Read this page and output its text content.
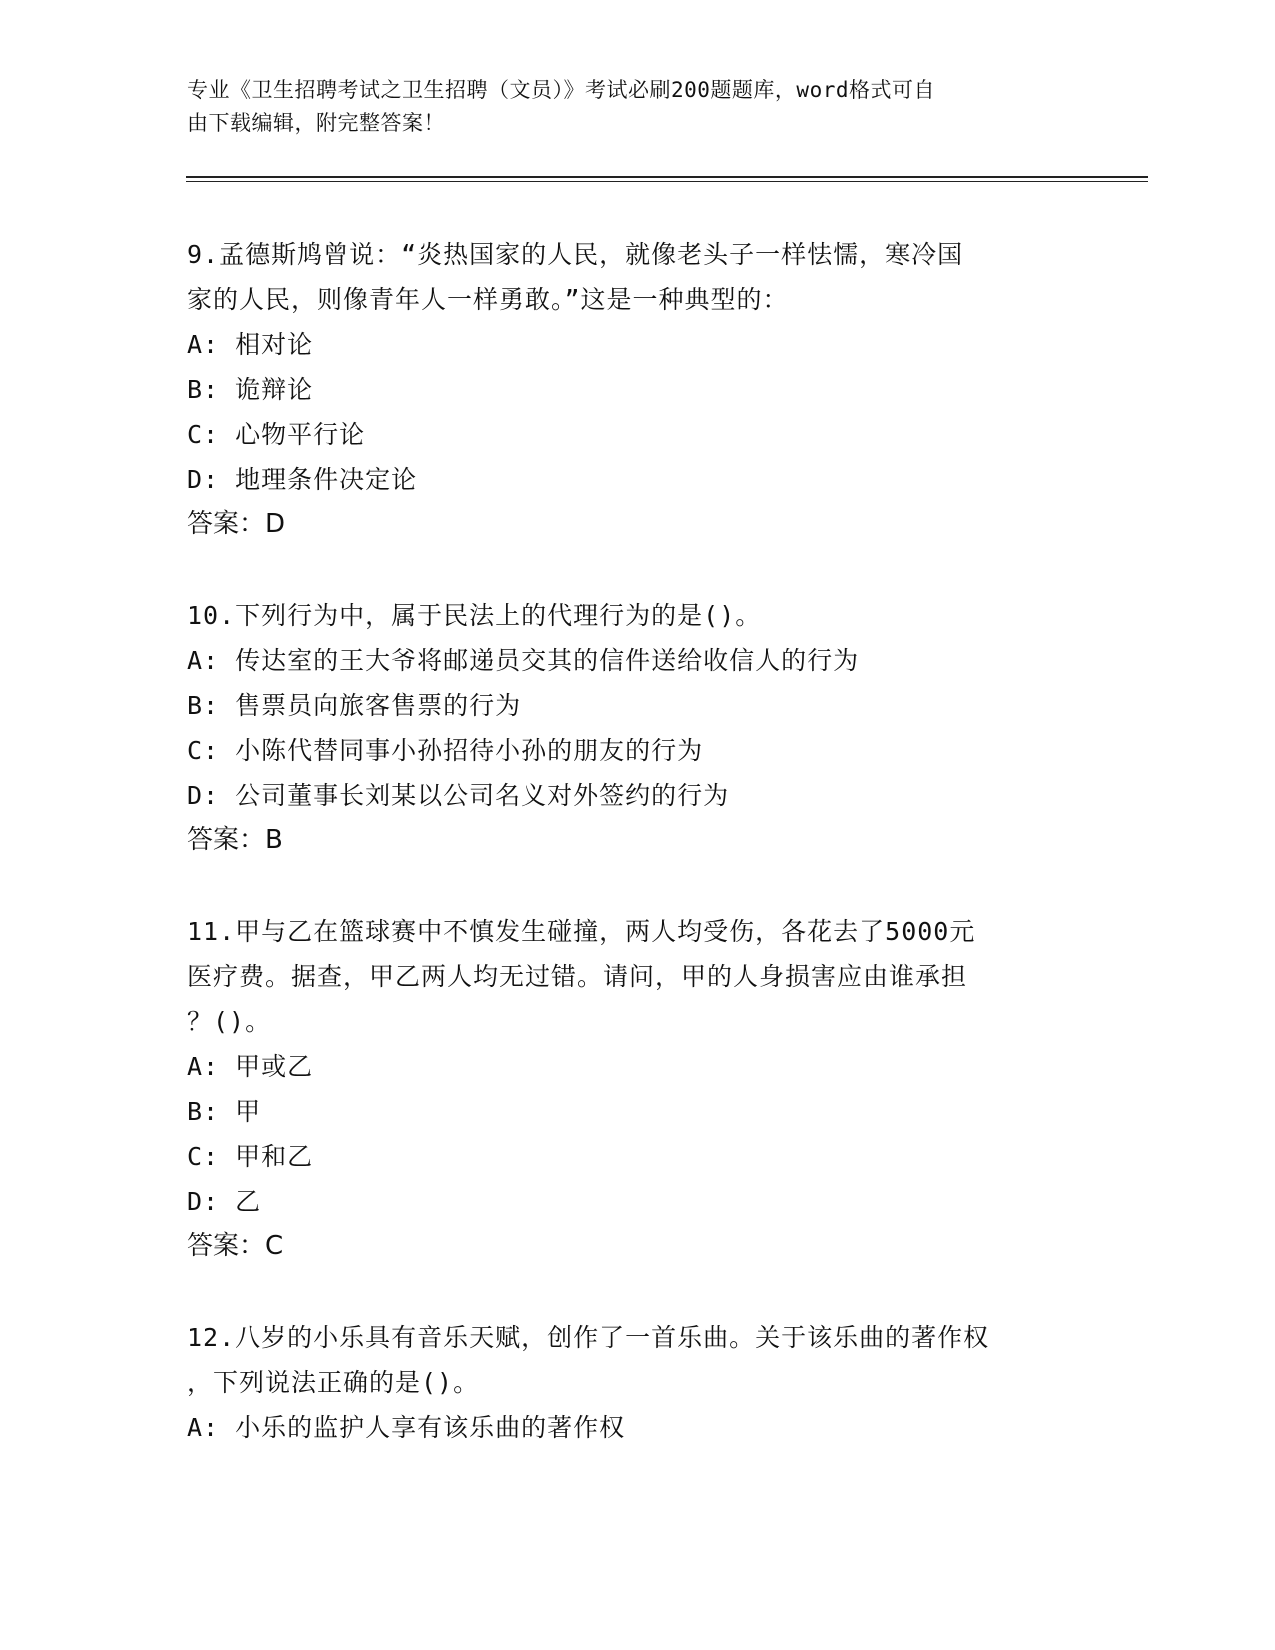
专业《卫生招聘考试之卫生招聘（文员）》考试必刷200题题库，word格式可自
由下载编辑，附完整答案！
9.孟德斯鸠曾说：“炎热国家的人民，就像老头子一样怯懦，寒冷国
家的人民，则像青年人一样勇敢。”这是一种典型的：
A: 相对论
B: 诡辩论
C: 心物平行论
D: 地理条件决定论
答案：D
10.下列行为中，属于民法上的代理行为的是()。
A: 传达室的王大爷将邮递员交其的信件送给收信人的行为
B: 售票员向旅客售票的行为
C: 小陈代替同事小孙招待小孙的朋友的行为
D: 公司董事长刘某以公司名义对外签约的行为
答案：B
11.甲与乙在篮球赛中不慎发生碰撞，两人均受伤，各花去了5000元
医疗费。据查，甲乙两人均无过错。请问，甲的人身损害应由谁承担
？()。
A: 甲或乙
B: 甲
C: 甲和乙
D: 乙
答案：C
12.八岁的小乐具有音乐天赋，创作了一首乐曲。关于该乐曲的著作权
，下列说法正确的是()。
A: 小乐的监护人享有该乐曲的著作权
